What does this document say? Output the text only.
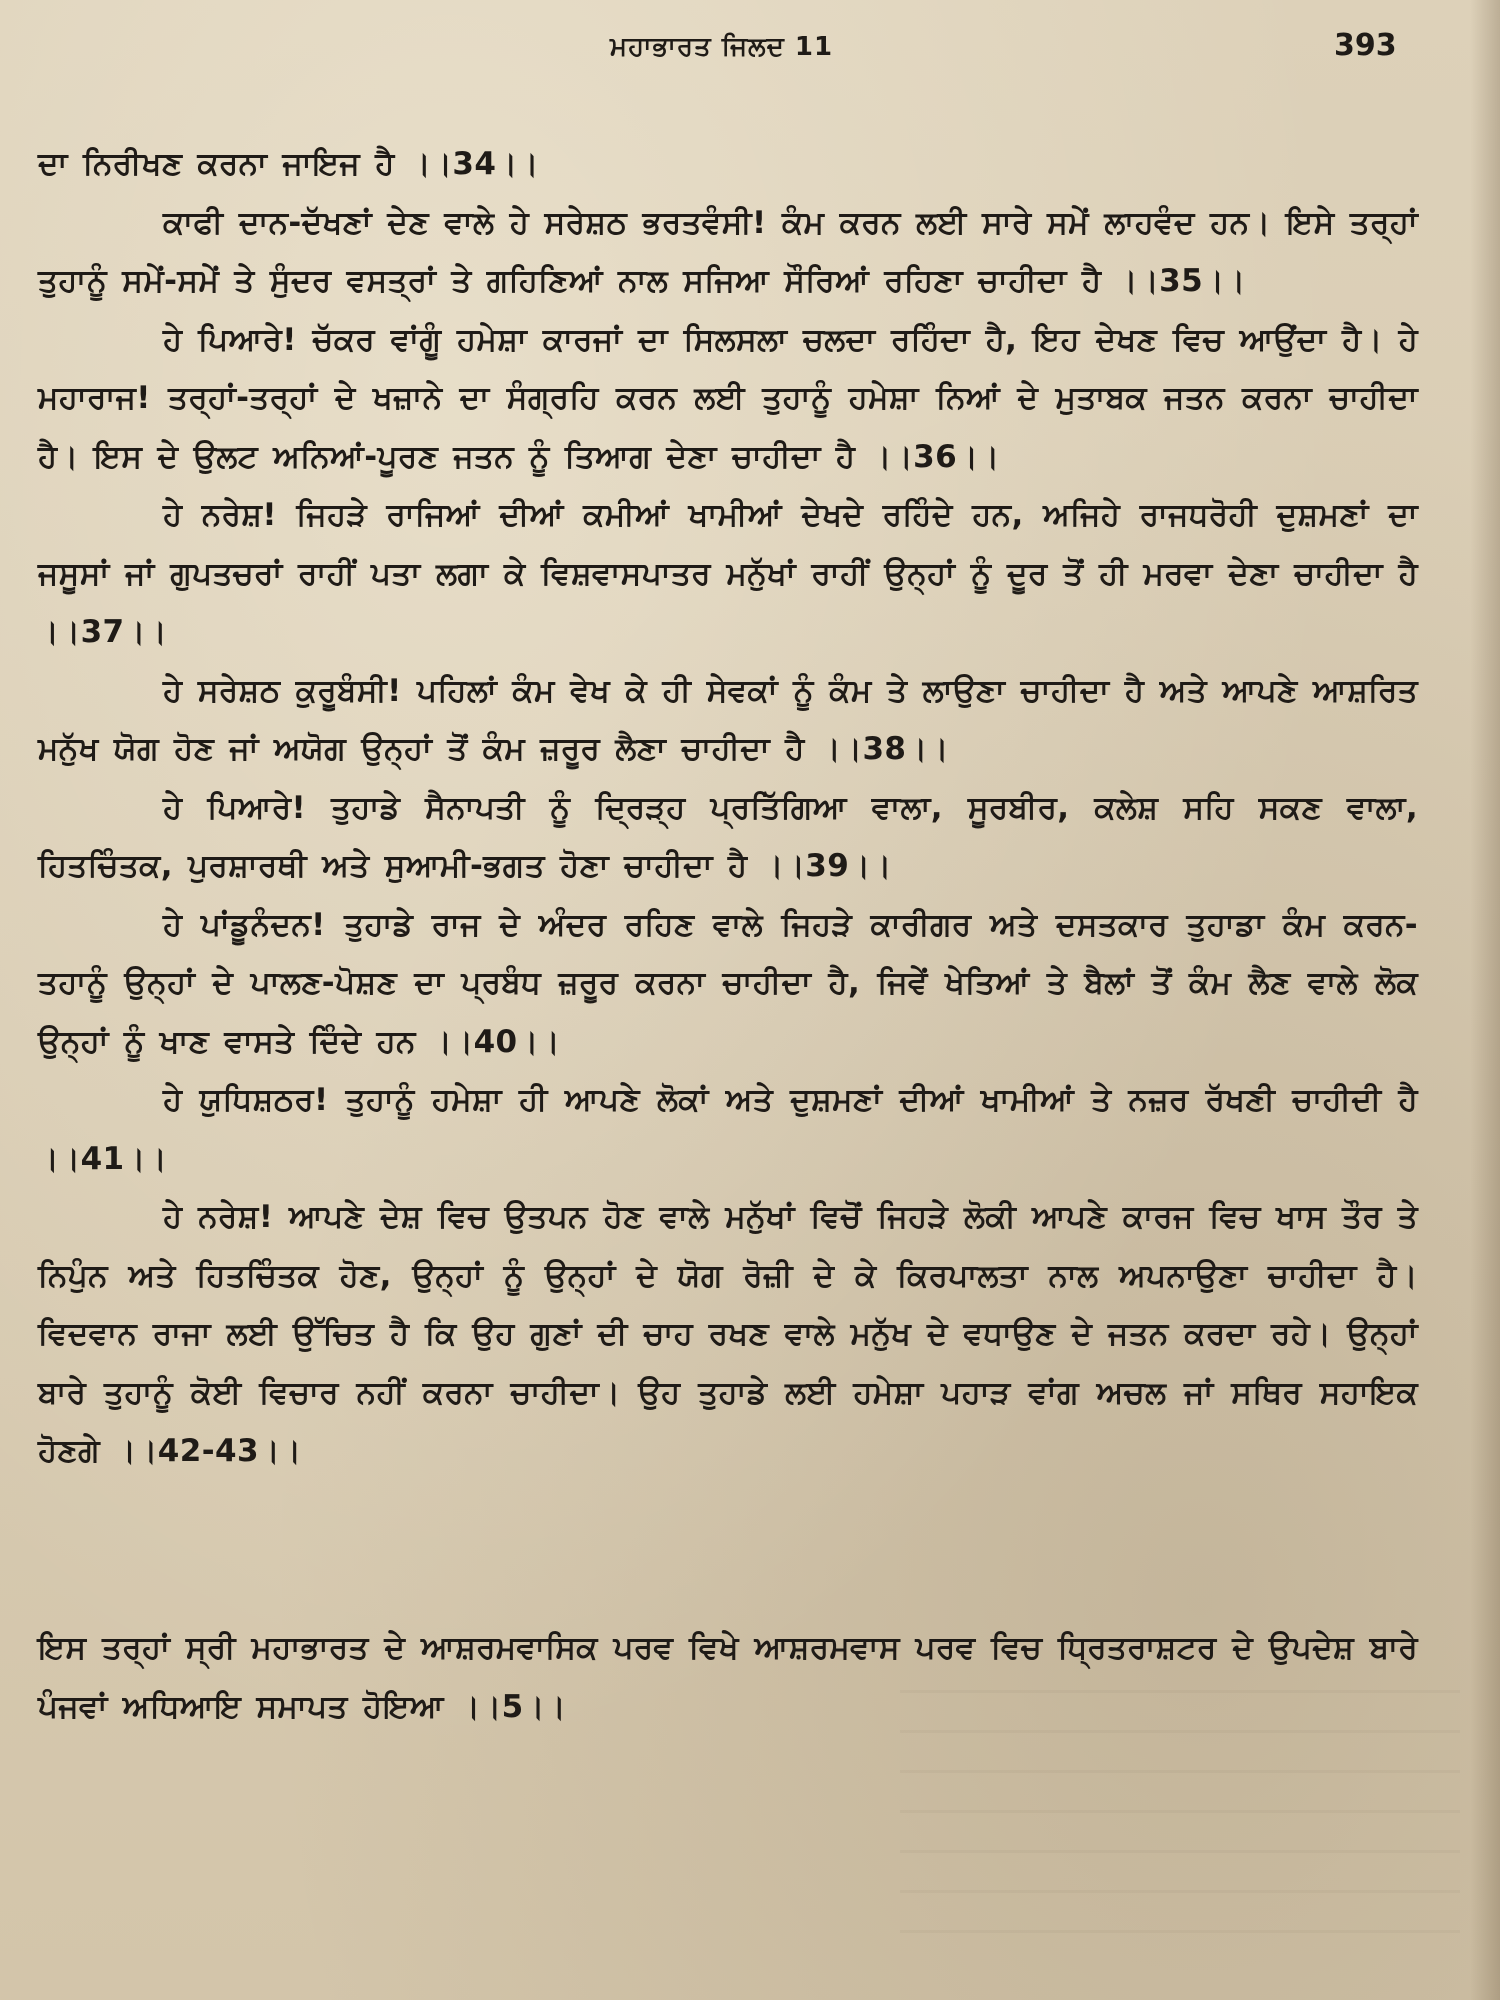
ਮਹਾਭਾਰਤ ਜਿਲਦ 11	393

ਦਾ ਨਿਰੀਖਣ ਕਰਨਾ ਜਾਇਜ ਹੈ ।।34।।

ਕਾਫੀ ਦਾਨ-ਦੱਖਣਾਂ ਦੇਣ ਵਾਲੇ ਹੇ ਸਰੇਸ਼ਠ ਭਰਤਵੰਸੀ! ਕੰਮ ਕਰਨ ਲਈ ਸਾਰੇ ਸਮੇਂ ਲਾਹਵੰਦ ਹਨ। ਇਸੇ ਤਰ੍ਹਾਂ ਤੁਹਾਨੂੰ ਸਮੇਂ-ਸਮੇਂ ਤੇ ਸੁੰਦਰ ਵਸਤ੍ਰਾਂ ਤੇ ਗਹਿਣਿਆਂ ਨਾਲ ਸਜਿਆ ਸੌਰਿਆਂ ਰਹਿਣਾ ਚਾਹੀਦਾ ਹੈ ।।35।।

ਹੇ ਪਿਆਰੇ! ਚੱਕਰ ਵਾਂਗੂੰ ਹਮੇਸ਼ਾ ਕਾਰਜਾਂ ਦਾ ਸਿਲਸਲਾ ਚਲਦਾ ਰਹਿੰਦਾ ਹੈ, ਇਹ ਦੇਖਣ ਵਿਚ ਆਉਂਦਾ ਹੈ। ਹੇ ਮਹਾਰਾਜ! ਤਰ੍ਹਾਂ-ਤਰ੍ਹਾਂ ਦੇ ਖਜ਼ਾਨੇ ਦਾ ਸੰਗ੍ਰਹਿ ਕਰਨ ਲਈ ਤੁਹਾਨੂੰ ਹਮੇਸ਼ਾ ਨਿਆਂ ਦੇ ਮੁਤਾਬਕ ਜਤਨ ਕਰਨਾ ਚਾਹੀਦਾ ਹੈ। ਇਸ ਦੇ ਉਲਟ ਅਨਿਆਂ-ਪੂਰਣ ਜਤਨ ਨੂੰ ਤਿਆਗ ਦੇਣਾ ਚਾਹੀਦਾ ਹੈ ।।36।।

ਹੇ ਨਰੇਸ਼! ਜਿਹੜੇ ਰਾਜਿਆਂ ਦੀਆਂ ਕਮੀਆਂ ਖਾਮੀਆਂ ਦੇਖਦੇ ਰਹਿੰਦੇ ਹਨ, ਅਜਿਹੇ ਰਾਜਧਰੋਹੀ ਦੁਸ਼ਮਣਾਂ ਦਾ ਜਸੂਸਾਂ ਜਾਂ ਗੁਪਤਚਰਾਂ ਰਾਹੀਂ ਪਤਾ ਲਗਾ ਕੇ ਵਿਸ਼ਵਾਸਪਾਤਰ ਮਨੁੱਖਾਂ ਰਾਹੀਂ ਉਨ੍ਹਾਂ ਨੂੰ ਦੂਰ ਤੋਂ ਹੀ ਮਰਵਾ ਦੇਣਾ ਚਾਹੀਦਾ ਹੈ ।।37।।

ਹੇ ਸਰੇਸ਼ਠ ਕੁਰੂਬੰਸੀ! ਪਹਿਲਾਂ ਕੰਮ ਵੇਖ ਕੇ ਹੀ ਸੇਵਕਾਂ ਨੂੰ ਕੰਮ ਤੇ ਲਾਉਣਾ ਚਾਹੀਦਾ ਹੈ ਅਤੇ ਆਪਣੇ ਆਸ਼ਰਿਤ ਮਨੁੱਖ ਯੋਗ ਹੋਣ ਜਾਂ ਅਯੋਗ ਉਨ੍ਹਾਂ ਤੋਂ ਕੰਮ ਜ਼ਰੂਰ ਲੈਣਾ ਚਾਹੀਦਾ ਹੈ ।।38।।

ਹੇ ਪਿਆਰੇ! ਤੁਹਾਡੇ ਸੈਨਾਪਤੀ ਨੂੰ ਦ੍ਰਿੜ੍ਹ ਪ੍ਰਤਿੱਗਿਆ ਵਾਲਾ, ਸੂਰਬੀਰ, ਕਲੇਸ਼ ਸਹਿ ਸਕਣ ਵਾਲਾ, ਹਿਤਚਿੰਤਕ, ਪੁਰਸ਼ਾਰਥੀ ਅਤੇ ਸੁਆਮੀ-ਭਗਤ ਹੋਣਾ ਚਾਹੀਦਾ ਹੈ ।।39।।

ਹੇ ਪਾਂਡੂਨੰਦਨ! ਤੁਹਾਡੇ ਰਾਜ ਦੇ ਅੰਦਰ ਰਹਿਣ ਵਾਲੇ ਜਿਹੜੇ ਕਾਰੀਗਰ ਅਤੇ ਦਸਤਕਾਰ ਤੁਹਾਡਾ ਕੰਮ ਕਰਨ-ਤਹਾਨੂੰ ਉਨ੍ਹਾਂ ਦੇ ਪਾਲਣ-ਪੋਸ਼ਣ ਦਾ ਪ੍ਰਬੰਧ ਜ਼ਰੂਰ ਕਰਨਾ ਚਾਹੀਦਾ ਹੈ, ਜਿਵੇਂ ਖੇਤਿਆਂ ਤੇ ਬੈਲਾਂ ਤੋਂ ਕੰਮ ਲੈਣ ਵਾਲੇ ਲੋਕ ਉਨ੍ਹਾਂ ਨੂੰ ਖਾਣ ਵਾਸਤੇ ਦਿੰਦੇ ਹਨ ।।40।।

ਹੇ ਯੁਧਿਸ਼ਠਰ! ਤੁਹਾਨੂੰ ਹਮੇਸ਼ਾ ਹੀ ਆਪਣੇ ਲੋਕਾਂ ਅਤੇ ਦੁਸ਼ਮਣਾਂ ਦੀਆਂ ਖਾਮੀਆਂ ਤੇ ਨਜ਼ਰ ਰੱਖਣੀ ਚਾਹੀਦੀ ਹੈ ।।41।।

ਹੇ ਨਰੇਸ਼! ਆਪਣੇ ਦੇਸ਼ ਵਿਚ ਉਤਪਨ ਹੋਣ ਵਾਲੇ ਮਨੁੱਖਾਂ ਵਿਚੋਂ ਜਿਹੜੇ ਲੋਕੀ ਆਪਣੇ ਕਾਰਜ ਵਿਚ ਖਾਸ ਤੌਰ ਤੇ ਨਿਪੁੰਨ ਅਤੇ ਹਿਤਚਿੰਤਕ ਹੋਣ, ਉਨ੍ਹਾਂ ਨੂੰ ਉਨ੍ਹਾਂ ਦੇ ਯੋਗ ਰੋਜ਼ੀ ਦੇ ਕੇ ਕਿਰਪਾਲਤਾ ਨਾਲ ਅਪਨਾਉਣਾ ਚਾਹੀਦਾ ਹੈ। ਵਿਦਵਾਨ ਰਾਜਾ ਲਈ ਉੱਚਿਤ ਹੈ ਕਿ ਉਹ ਗੁਣਾਂ ਦੀ ਚਾਹ ਰਖਣ ਵਾਲੇ ਮਨੁੱਖ ਦੇ ਵਧਾਉਣ ਦੇ ਜਤਨ ਕਰਦਾ ਰਹੇ। ਉਨ੍ਹਾਂ ਬਾਰੇ ਤੁਹਾਨੂੰ ਕੋਈ ਵਿਚਾਰ ਨਹੀਂ ਕਰਨਾ ਚਾਹੀਦਾ। ਉਹ ਤੁਹਾਡੇ ਲਈ ਹਮੇਸ਼ਾ ਪਹਾੜ ਵਾਂਗ ਅਚਲ ਜਾਂ ਸਥਿਰ ਸਹਾਇਕ ਹੋਣਗੇ ।।42-43।।

ਇਸ ਤਰ੍ਹਾਂ ਸ੍ਰੀ ਮਹਾਭਾਰਤ ਦੇ ਆਸ਼ਰਮਵਾਸਿਕ ਪਰਵ ਵਿਖੇ ਆਸ਼ਰਮਵਾਸ ਪਰਵ ਵਿਚ ਧ੍ਰਿਤਰਾਸ਼ਟਰ ਦੇ ਉਪਦੇਸ਼ ਬਾਰੇ ਪੰਜਵਾਂ ਅਧਿਆਇ ਸਮਾਪਤ ਹੋਇਆ ।।5।।
